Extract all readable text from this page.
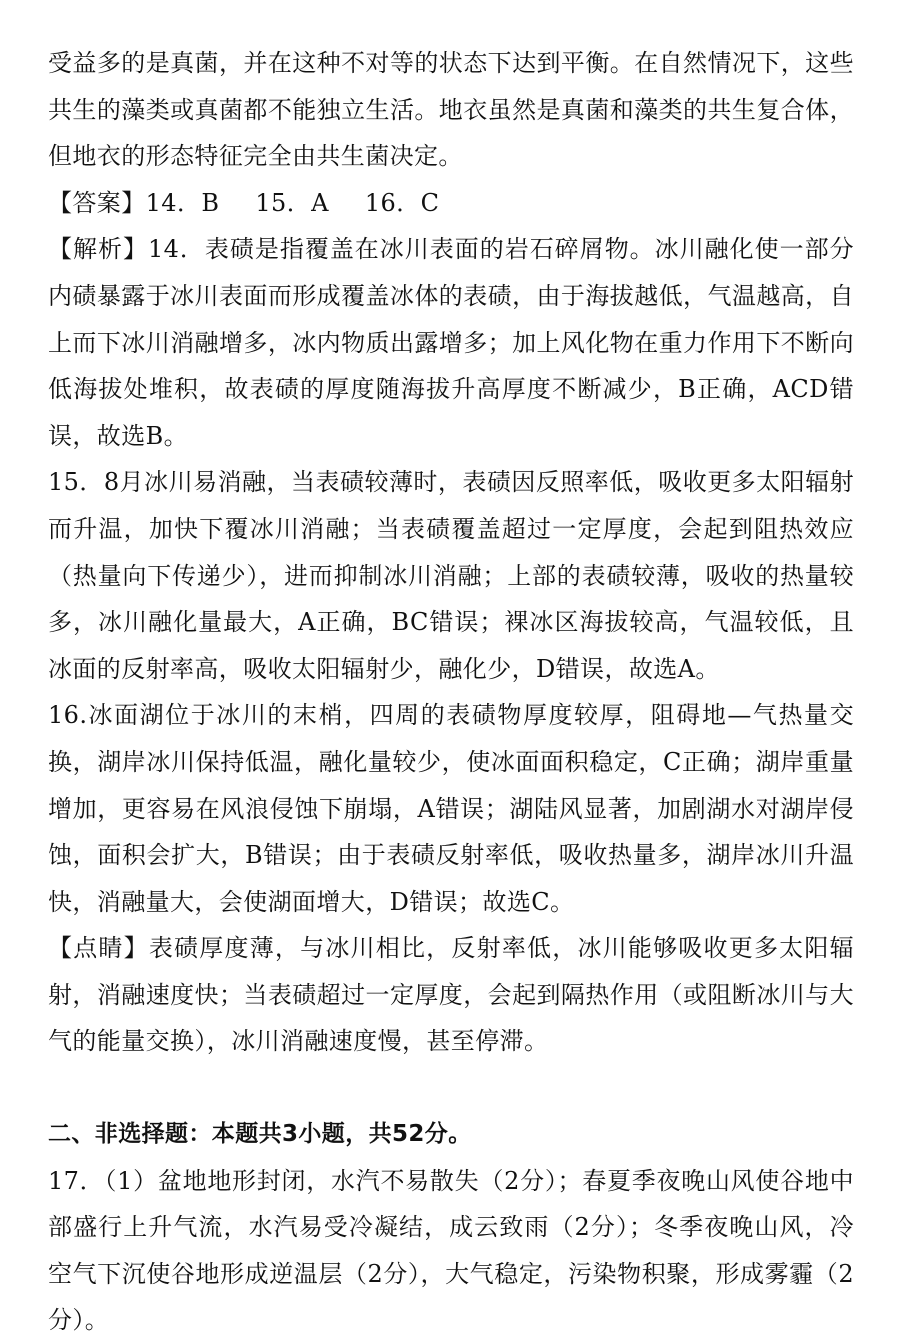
受益多的是真菌，并在这种不对等的状态下达到平衡。在自然情况下，这些共生的藻类或真菌都不能独立生活。地衣虽然是真菌和藻类的共生复合体，但地衣的形态特征完全由共生菌决定。

【答案】14．B 15．A 16．C

【解析】14．表碛是指覆盖在冰川表面的岩石碎屑物。冰川融化使一部分内碛暴露于冰川表面而形成覆盖冰体的表碛，由于海拔越低，气温越高，自上而下冰川消融增多，冰内物质出露增多；加上风化物在重力作用下不断向低海拔处堆积，故表碛的厚度随海拔升高厚度不断减少，B正确，ACD错误，故选B。

15．8月冰川易消融，当表碛较薄时，表碛因反照率低，吸收更多太阳辐射而升温，加快下覆冰川消融；当表碛覆盖超过一定厚度，会起到阻热效应（热量向下传递少），进而抑制冰川消融；上部的表碛较薄，吸收的热量较多，冰川融化量最大，A正确，BC错误；裸冰区海拔较高，气温较低，且冰面的反射率高，吸收太阳辐射少，融化少，D错误，故选A。

16.冰面湖位于冰川的末梢，四周的表碛物厚度较厚，阻碍地—气热量交换，湖岸冰川保持低温，融化量较少，使冰面面积稳定，C正确；湖岸重量增加，更容易在风浪侵蚀下崩塌，A错误；湖陆风显著，加剧湖水对湖岸侵蚀，面积会扩大，B错误；由于表碛反射率低，吸收热量多，湖岸冰川升温快，消融量大，会使湖面增大，D错误；故选C。

【点睛】表碛厚度薄，与冰川相比，反射率低，冰川能够吸收更多太阳辐射，消融速度快；当表碛超过一定厚度，会起到隔热作用（或阻断冰川与大气的能量交换），冰川消融速度慢，甚至停滞。

二、非选择题：本题共3小题，共52分。

17．（1）盆地地形封闭，水汽不易散失（2分）；春夏季夜晚山风使谷地中部盛行上升气流，水汽易受冷凝结，成云致雨（2分）；冬季夜晚山风，冷空气下沉使谷地形成逆温层（2分），大气稳定，污染物积聚，形成雾霾（2分）。
